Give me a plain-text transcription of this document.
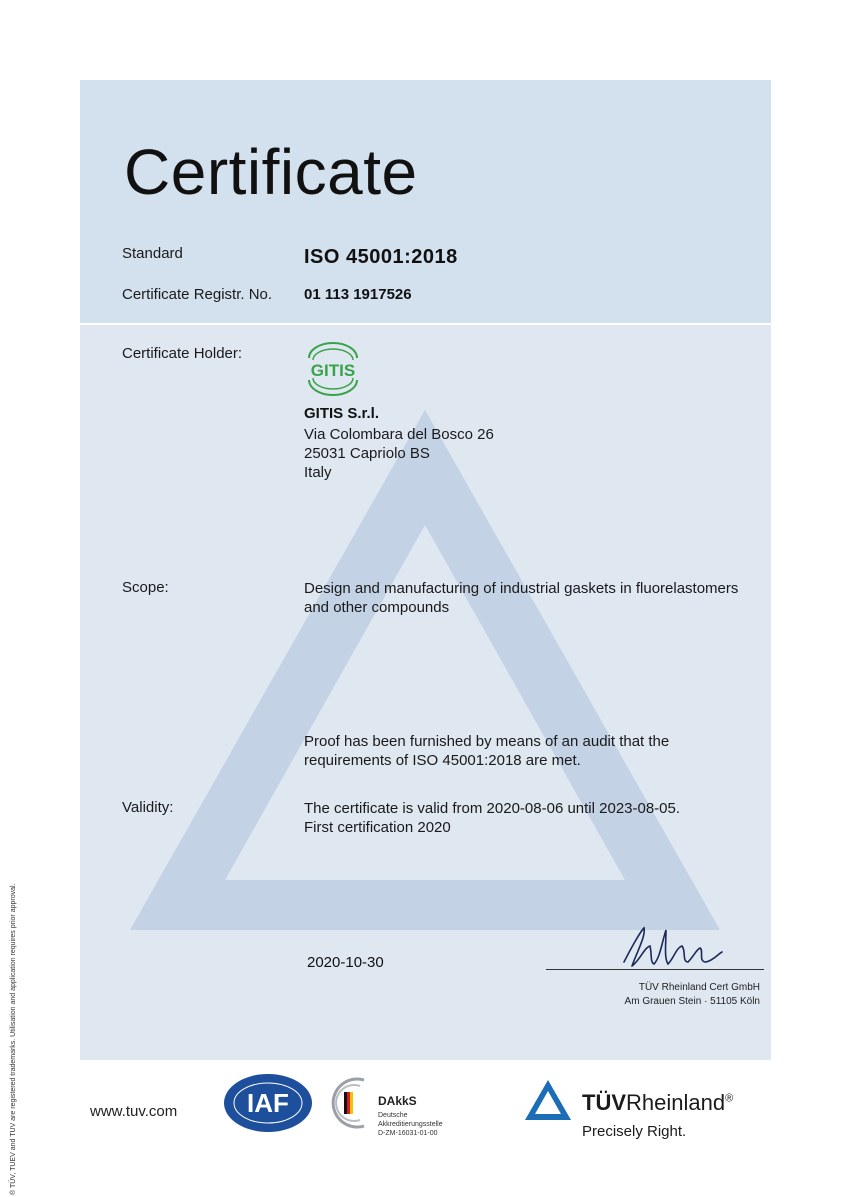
Certificate
Standard	ISO 45001:2018
Certificate Registr. No. 01 113 1917526
Certificate Holder:
GITIS
GITIS S.r.l.
Via Colombara del Bosco 26
25031 Capriolo BS
Italy
Scope:	Design and manufacturing of industrial gaskets in fluorelastomers
and other compounds
Proof has been furnished by means of an audit that the
requirements of ISO 45001:2018 are met.
Validity:	The certificate is valid from 2020-08-06 until 2023-08-05.
First certification 2020
2020-10-30
TÜV Rheinland Cert GmbH
Am Grauen Stein · 51105 Köln
www.tuv.com	IAF	DAkkS
Deutsche
Akkreditierungsstelle
D-ZM-16031-01-00
TÜVRheinland®
Precisely Right.
® TÜV, TUEV and TUV are registered trademarks. Utilisation and application requires prior approval.
